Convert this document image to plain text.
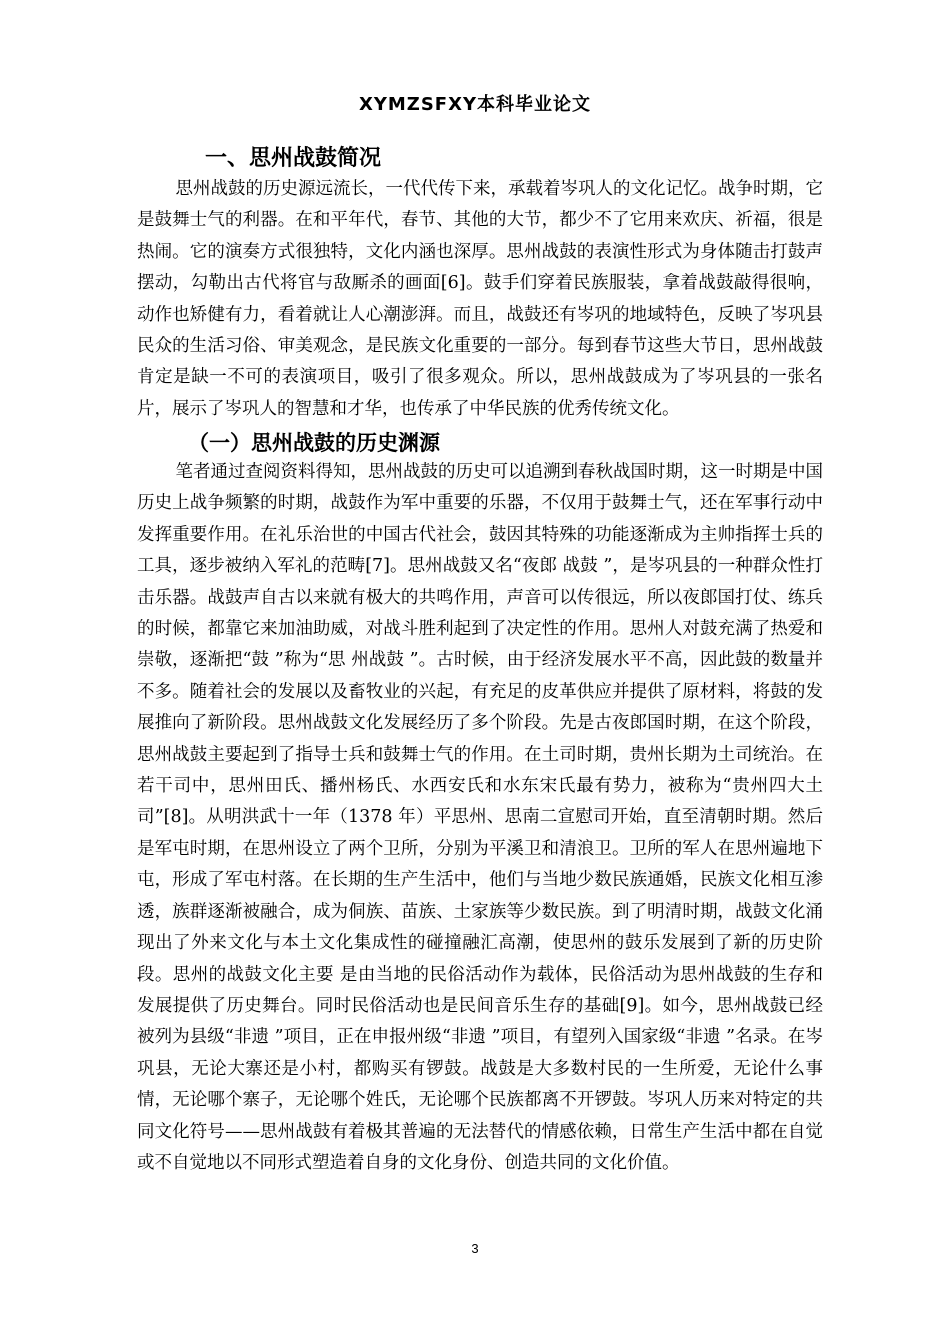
XYMZSFXY本科毕业论文
一、思州战鼓简况

思州战鼓的历史源远流长，一代代传下来，承载着岑巩人的文化记忆。战争时期，它是鼓舞士气的利器。在和平年代，春节、其他的大节，都少不了它用来欢庆、祈福，很是热闹。它的演奏方式很独特，文化内涵也深厚。思州战鼓的表演性形式为身体随击打鼓声摆动，勾勒出古代将官与敌厮杀的画面[6]。鼓手们穿着民族服装，拿着战鼓敲得很响，动作也矫健有力，看着就让人心潮澎湃。而且，战鼓还有岑巩的地域特色，反映了岑巩县民众的生活习俗、审美观念，是民族文化重要的一部分。每到春节这些大节日，思州战鼓肯定是缺一不可的表演项目，吸引了很多观众。所以，思州战鼓成为了岑巩县的一张名片，展示了岑巩人的智慧和才华，也传承了中华民族的优秀传统文化。

（一）思州战鼓的历史渊源

笔者通过查阅资料得知，思州战鼓的历史可以追溯到春秋战国时期，这一时期是中国历史上战争频繁的时期，战鼓作为军中重要的乐器，不仅用于鼓舞士气，还在军事行动中发挥重要作用。在礼乐治世的中国古代社会，鼓因其特殊的功能逐渐成为主帅指挥士兵的工具，逐步被纳入军礼的范畴[7]。思州战鼓又名“夜郎 战鼓 ”，是岑巩县的一种群众性打击乐器。战鼓声自古以来就有极大的共鸣作用，声音可以传很远，所以夜郎国打仗、练兵的时候，都靠它来加油助威，对战斗胜利起到了决定性的作用。思州人对鼓充满了热爱和崇敬，逐渐把“鼓 ”称为“思 州战鼓 ”。古时候，由于经济发展水平不高，因此鼓的数量并不多。随着社会的发展以及畜牧业的兴起，有充足的皮革供应并提供了原材料，将鼓的发展推向了新阶段。思州战鼓文化发展经历了多个阶段。先是古夜郎国时期，在这个阶段，思州战鼓主要起到了指导士兵和鼓舞士气的作用。在土司时期，贵州长期为土司统治。在若干司中，思州田氏、播州杨氏、水西安氏和水东宋氏最有势力，被称为“贵州四大土司”[8]。从明洪武十一年（1378 年）平思州、思南二宣慰司开始，直至清朝时期。然后是军屯时期，在思州设立了两个卫所，分别为平溪卫和清浪卫。卫所的军人在思州遍地下屯，形成了军屯村落。在长期的生产生活中，他们与当地少数民族通婚，民族文化相互渗透，族群逐渐被融合，成为侗族、苗族、土家族等少数民族。到了明清时期，战鼓文化涌现出了外来文化与本土文化集成性的碰撞融汇高潮，使思州的鼓乐发展到了新的历史阶段。思州的战鼓文化主要 是由当地的民俗活动作为载体，民俗活动为思州战鼓的生存和发展提供了历史舞台。同时民俗活动也是民间音乐生存的基础[9]。如今，思州战鼓已经被列为县级“非遗 ”项目，正在申报州级“非遗 ”项目，有望列入国家级“非遗 ”名录。在岑巩县，无论大寨还是小村，都购买有锣鼓。战鼓是大多数村民的一生所爱，无论什么事情，无论哪个寨子，无论哪个姓氏，无论哪个民族都离不开锣鼓。岑巩人历来对特定的共同文化符号——思州战鼓有着极其普遍的无法替代的情感依赖，日常生产生活中都在自觉或不自觉地以不同形式塑造着自身的文化身份、创造共同的文化价值。

3
